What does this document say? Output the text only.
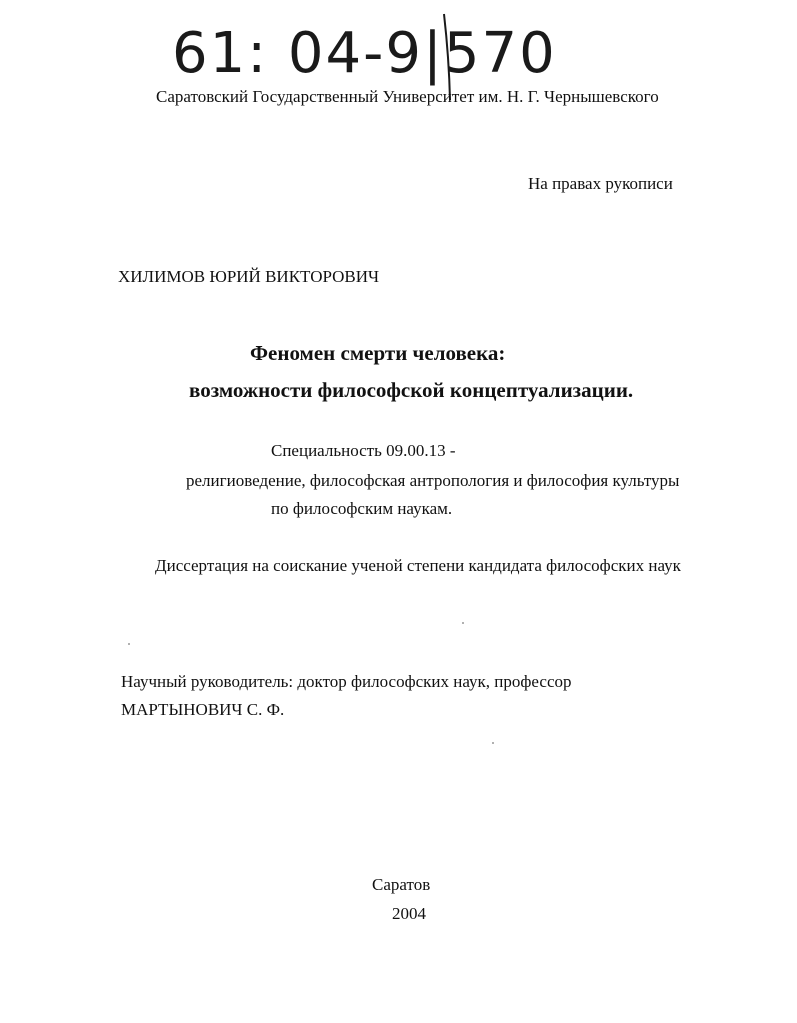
61: 04-9|570
Саратовский Государственный Университет им. Н. Г. Чернышевского
На правах рукописи
ХИЛИМОВ ЮРИЙ ВИКТОРОВИЧ
Феномен смерти человека:
возможности философской концептуализации.
Специальность 09.00.13 -
религиоведение, философская антропология и философия культуры
по философским наукам.
Диссертация на соискание ученой степени кандидата философских наук
Научный руководитель: доктор философских наук, профессор
МАРТЫНОВИЧ С. Ф.
Саратов
2004
